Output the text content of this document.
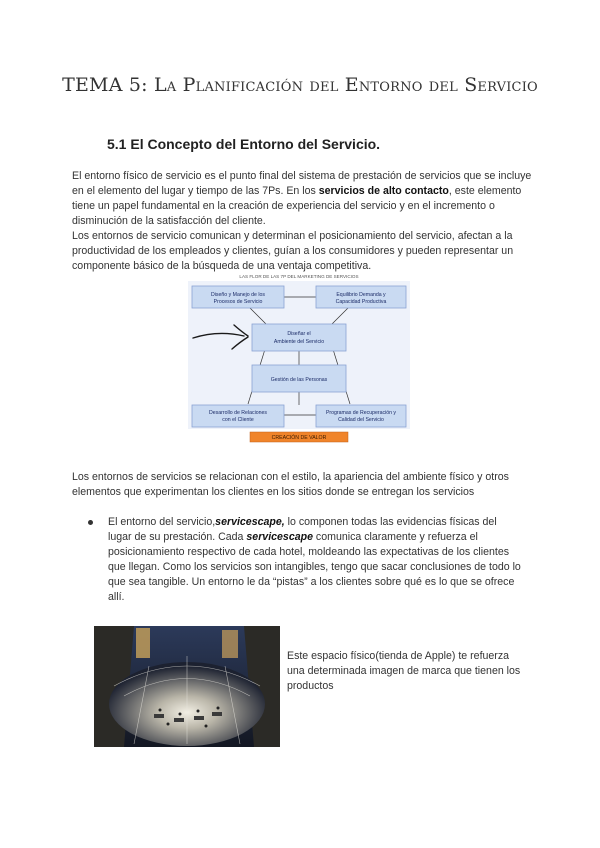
TEMA 5: La Planificación del Entorno del Servicio
5.1 El Concepto del Entorno del Servicio.
El entorno físico de servicio es el punto final del sistema de prestación de servicios que se incluye en el elemento del lugar y tiempo de las 7Ps. En los servicios de alto contacto, este elemento tiene un papel fundamental en la creación de experiencia del servicio y en el incremento o disminución de la satisfacción del cliente.
Los entornos de servicio comunican y determinan el posicionamiento del servicio, afectan a la productividad de los empleados y clientes, guían a los consumidores y pueden representar un componente básico de la búsqueda de una ventaja competitiva.
LAS FLOR DE LAS 7P DEL MARKETING DE SERVICIOS
Diseño y Manejo de los
Procesos de Servicio
Equilibrio Demanda y
Capacidad Productiva
Diseñar el
Ambiente del Servicio
Gestión de las Personas
Desarrollo de Relaciones
con el Cliente
Programas de Recuperación y
Calidad del Servicio
CREACIÓN DE VALOR
Los entornos de servicios se relacionan con el estilo, la apariencia del ambiente físico y otros elementos que experimentan los clientes en los sitios donde se entregan los servicios
El entorno del servicio,servicescape, lo componen todas las evidencias físicas del lugar de su prestación. Cada servicescape comunica claramente y refuerza el posicionamiento respectivo de cada hotel, moldeando las expectativas de los clientes que llegan. Como los servicios son intangibles, tengo que sacar conclusiones de todo lo que sea tangible. Un entorno le da “pistas” a los clientes sobre qué es lo que se ofrece allí.
Este espacio físico(tienda de Apple) te refuerza una determinada imagen de marca que tienen los productos
